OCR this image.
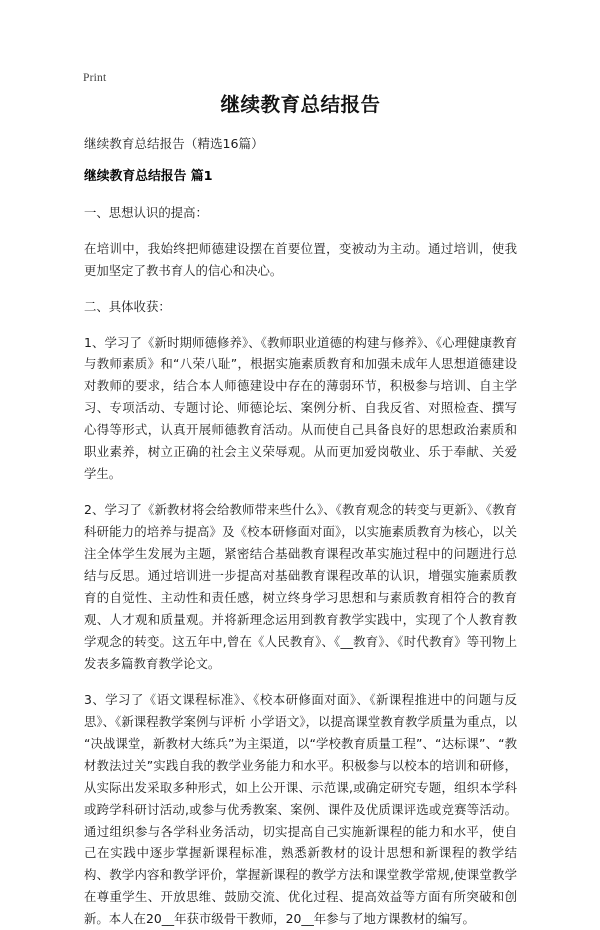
Print
继续教育总结报告

继续教育总结报告（精选16篇）

继续教育总结报告 篇1

一、思想认识的提高：

在培训中，我始终把师德建设摆在首要位置，变被动为主动。通过培训，使我更加坚定了教书育人的信心和决心。

二、具体收获：

1、学习了《新时期师德修养》、《教师职业道德的构建与修养》、《心理健康教育与教师素质》和“八荣八耻”，根据实施素质教育和加强未成年人思想道德建设对教师的要求，结合本人师德建设中存在的薄弱环节，积极参与培训、自主学习、专项活动、专题讨论、师德论坛、案例分析、自我反省、对照检查、撰写心得等形式，认真开展师德教育活动。从而使自己具备良好的思想政治素质和职业素养，树立正确的社会主义荣辱观。从而更加爱岗敬业、乐于奉献、关爱学生。

2、学习了《新教材将会给教师带来些什么》、《教育观念的转变与更新》、《教育科研能力的培养与提高》及《校本研修面对面》，以实施素质教育为核心，以关注全体学生发展为主题，紧密结合基础教育课程改革实施过程中的问题进行总结与反思。通过培训进一步提高对基础教育课程改革的认识，增强实施素质教育的自觉性、主动性和责任感，树立终身学习思想和与素质教育相符合的教育观、人才观和质量观。并将新理念运用到教育教学实践中，实现了个人教育教学观念的转变。这五年中,曾在《人民教育》、《__教育》、《时代教育》等刊物上发表多篇教育教学论文。

3、学习了《语文课程标准》、《校本研修面对面》、《新课程推进中的问题与反思》、《新课程教学案例与评析 小学语文》，以提高课堂教育教学质量为重点，以“决战课堂，新教材大练兵”为主渠道，以“学校教育质量工程”、“达标课”、“教材教法过关”实践自我的教学业务能力和水平。积极参与以校本的培训和研修，从实际出发采取多种形式，如上公开课、示范课,或确定研究专题，组织本学科或跨学科研讨活动,或参与优秀教案、案例、课件及优质课评选或竞赛等活动。通过组织参与各学科业务活动，切实提高自己实施新课程的能力和水平，使自己在实践中逐步掌握新课程标准，熟悉新教材的设计思想和新课程的教学结构、教学内容和教学评价，掌握新课程的教学方法和课堂教学常规,使课堂教学在尊重学生、开放思维、鼓励交流、优化过程、提高效益等方面有所突破和创新。本人在20__年获市级骨干教师，20__年参与了地方课教材的编写。
